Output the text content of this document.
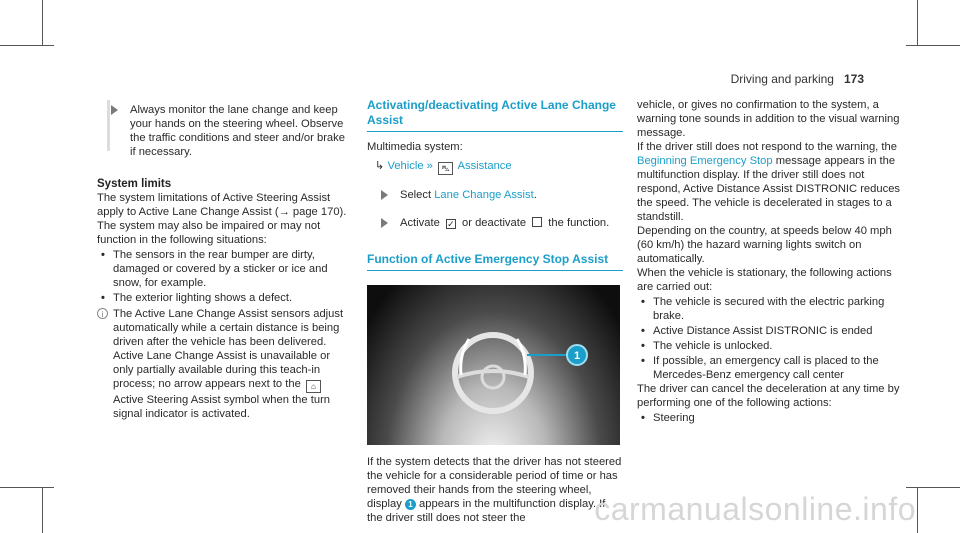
Driving and parking 173

Always monitor the lane change and keep your hands on the steering wheel. Observe the traffic conditions and steer and/or brake if necessary.

System limits

The system limitations of Active Steering Assist apply to Active Lane Change Assist (→ page 170).

The system may also be impaired or may not function in the following situations:

• The sensors in the rear bumper are dirty, damaged or covered by a sticker or ice and snow, for example.
• The exterior lighting shows a defect.
i The Active Lane Change Assist sensors adjust automatically while a certain distance is being driven after the vehicle has been delivered. Active Lane Change Assist is unavailable or only partially available during this teach-in process; no arrow appears next to the ⌂ Active Steering Assist symbol when the turn signal indicator is activated.
Activating/deactivating Active Lane Change Assist

Multimedia system:

↳ Vehicle » ⛍ Assistance
Select Lane Change Assist.
Activate ✓ or deactivate the function.
Function of Active Emergency Stop Assist
1

If the system detects that the driver has not steered the vehicle for a considerable period of time or has removed their hands from the steering wheel, display 1 appears in the multifunction display. If the driver still does not steer the

vehicle, or gives no confirmation to the system, a warning tone sounds in addition to the visual warning message.

If the driver still does not respond to the warning, the Beginning Emergency Stop message appears in the multifunction display. If the driver still does not respond, Active Distance Assist DISTRONIC reduces the speed. The vehicle is decelerated in stages to a standstill.

Depending on the country, at speeds below 40 mph (60 km/h) the hazard warning lights switch on automatically.

When the vehicle is stationary, the following actions are carried out:

• The vehicle is secured with the electric parking brake.
• Active Distance Assist DISTRONIC is ended
• The vehicle is unlocked.
• If possible, an emergency call is placed to the Mercedes-Benz emergency call center

The driver can cancel the deceleration at any time by performing one of the following actions:

• Steering
carmanualsonline.info
